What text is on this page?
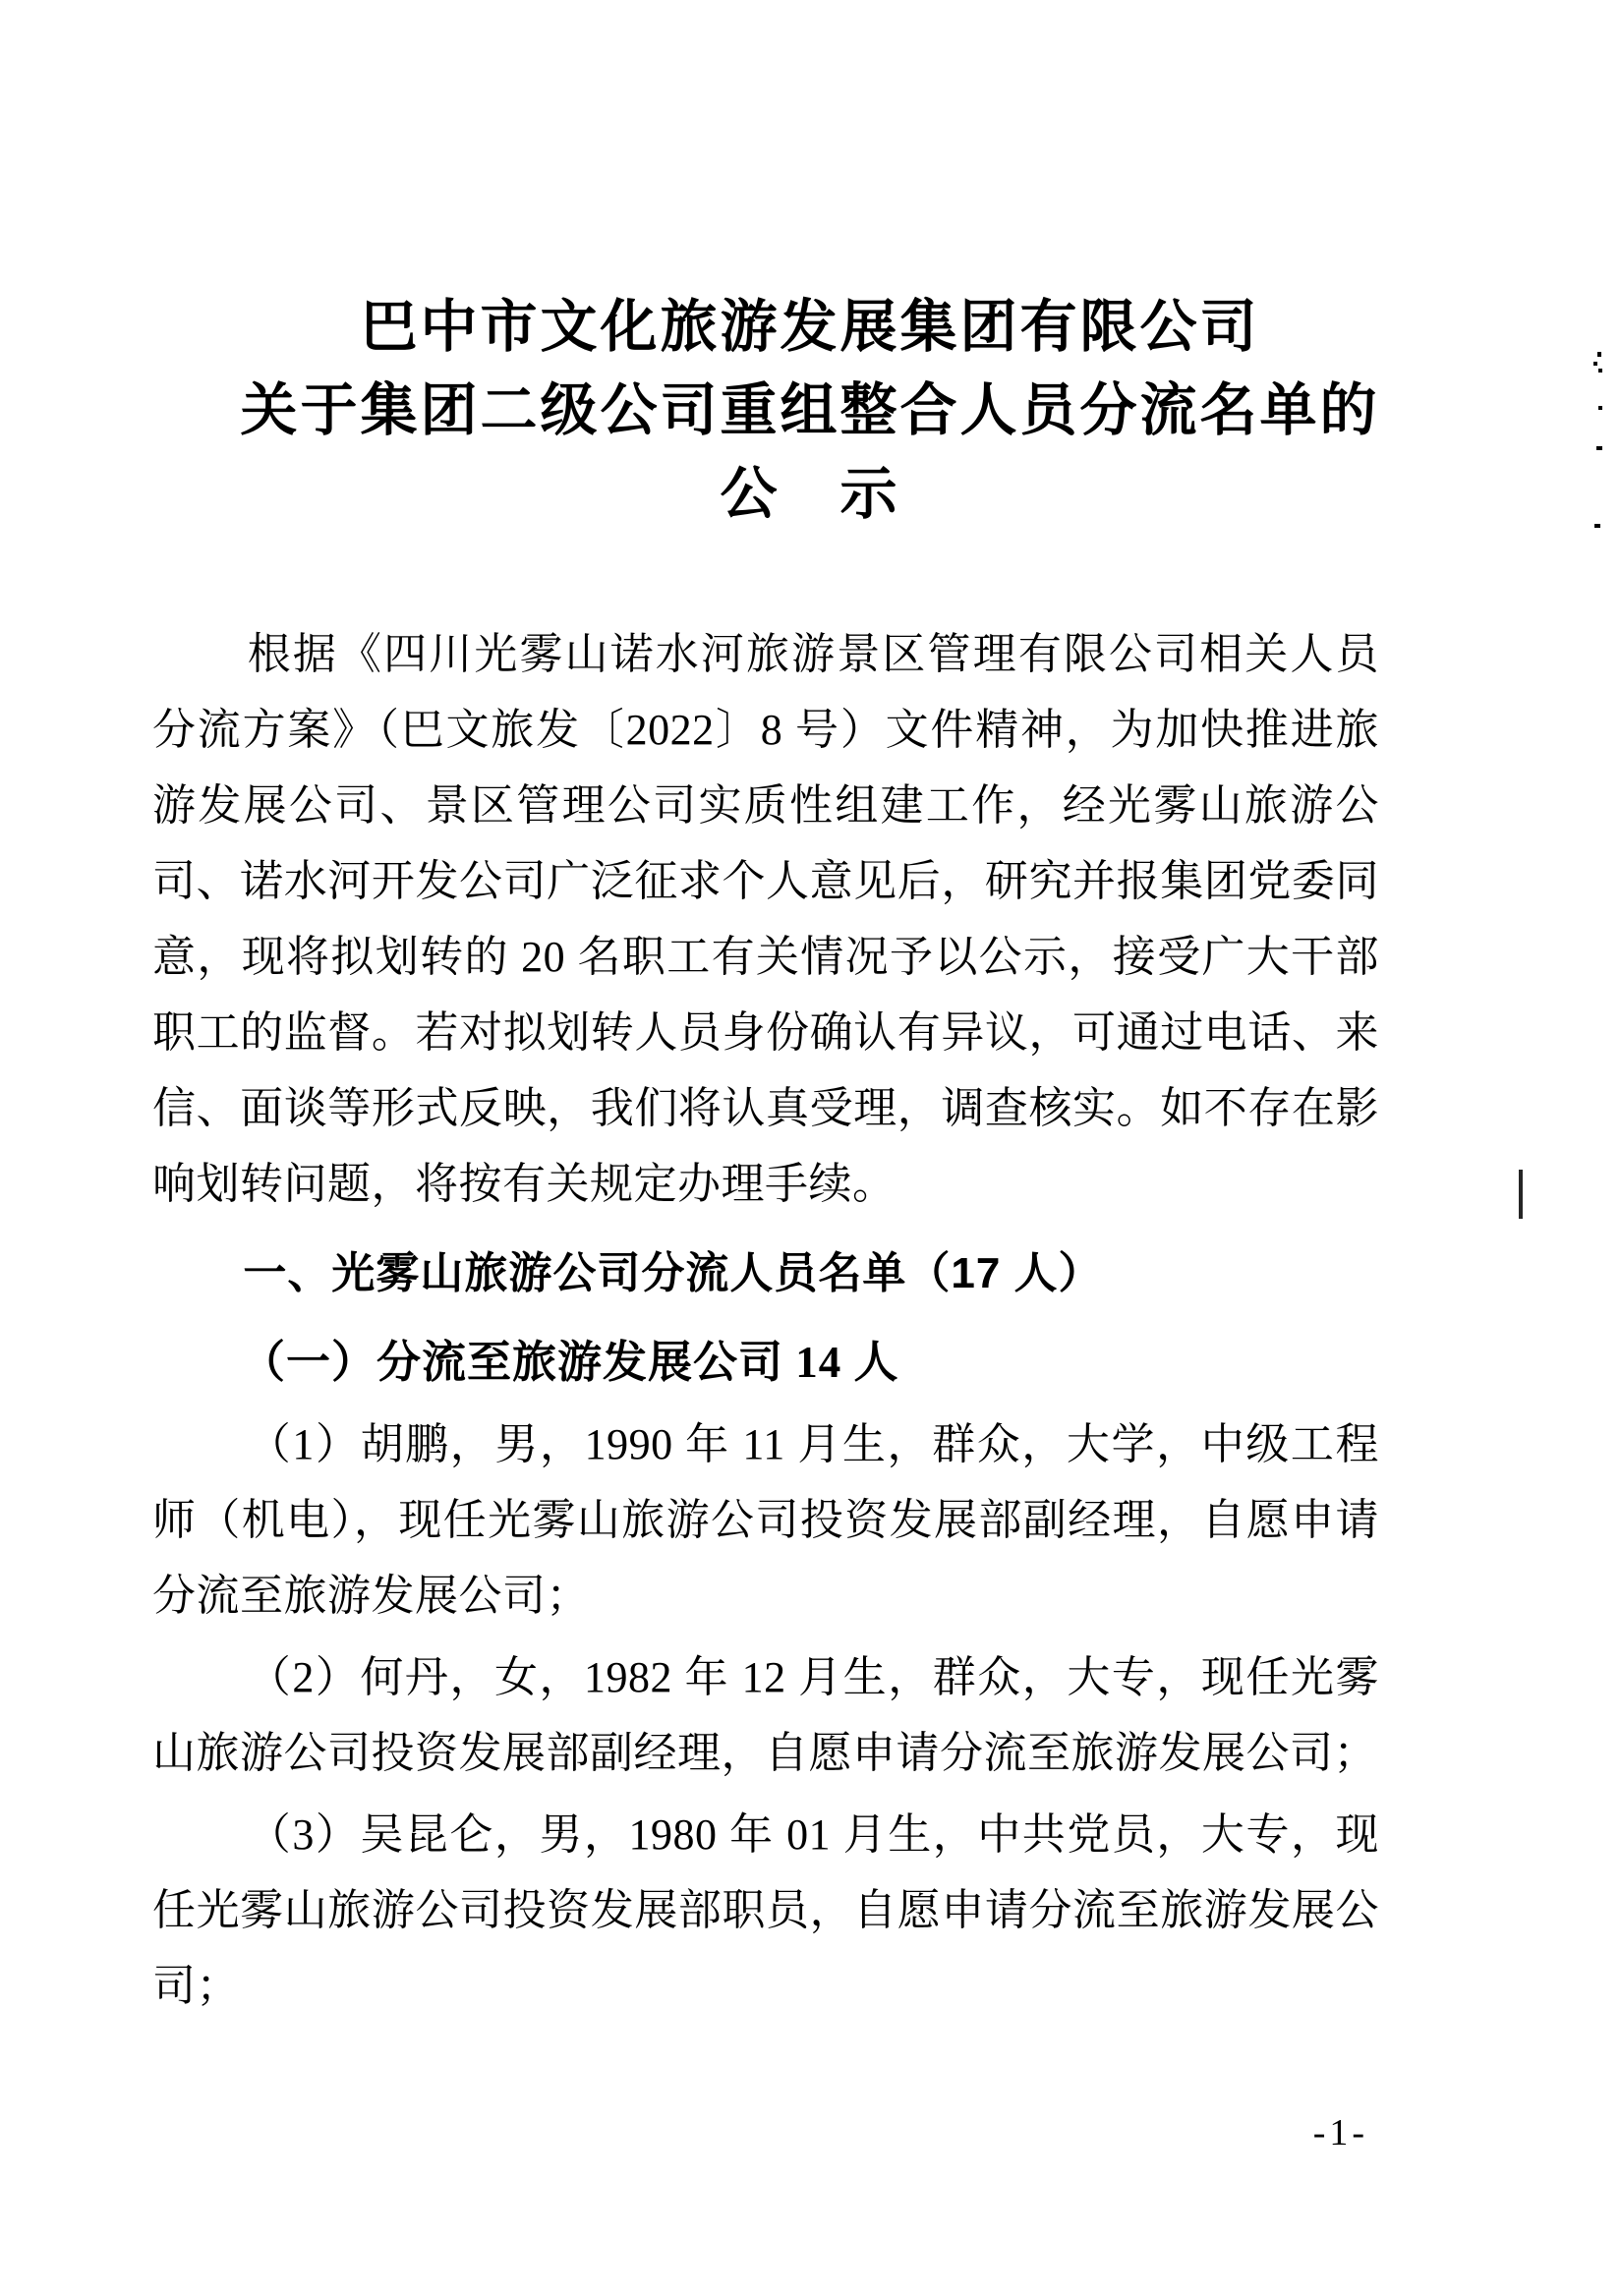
巴中市文化旅游发展集团有限公司
关于集团二级公司重组整合人员分流名单的
公　示

根据《四川光雾山诺水河旅游景区管理有限公司相关人员分流方案》（巴文旅发〔2022〕8 号）文件精神，为加快推进旅游发展公司、景区管理公司实质性组建工作，经光雾山旅游公司、诺水河开发公司广泛征求个人意见后，研究并报集团党委同意，现将拟划转的 20 名职工有关情况予以公示，接受广大干部职工的监督。若对拟划转人员身份确认有异议，可通过电话、来信、面谈等形式反映，我们将认真受理，调查核实。如不存在影响划转问题，将按有关规定办理手续。

一、光雾山旅游公司分流人员名单（17 人）

（一）分流至旅游发展公司 14 人

（1）胡鹏，男，1990 年 11 月生，群众，大学，中级工程师（机电），现任光雾山旅游公司投资发展部副经理，自愿申请分流至旅游发展公司；

（2）何丹，女，1982 年 12 月生，群众，大专，现任光雾山旅游公司投资发展部副经理，自愿申请分流至旅游发展公司；

（3）吴昆仑，男，1980 年 01 月生，中共党员，大专，现任光雾山旅游公司投资发展部职员，自愿申请分流至旅游发展公司；

-1-
